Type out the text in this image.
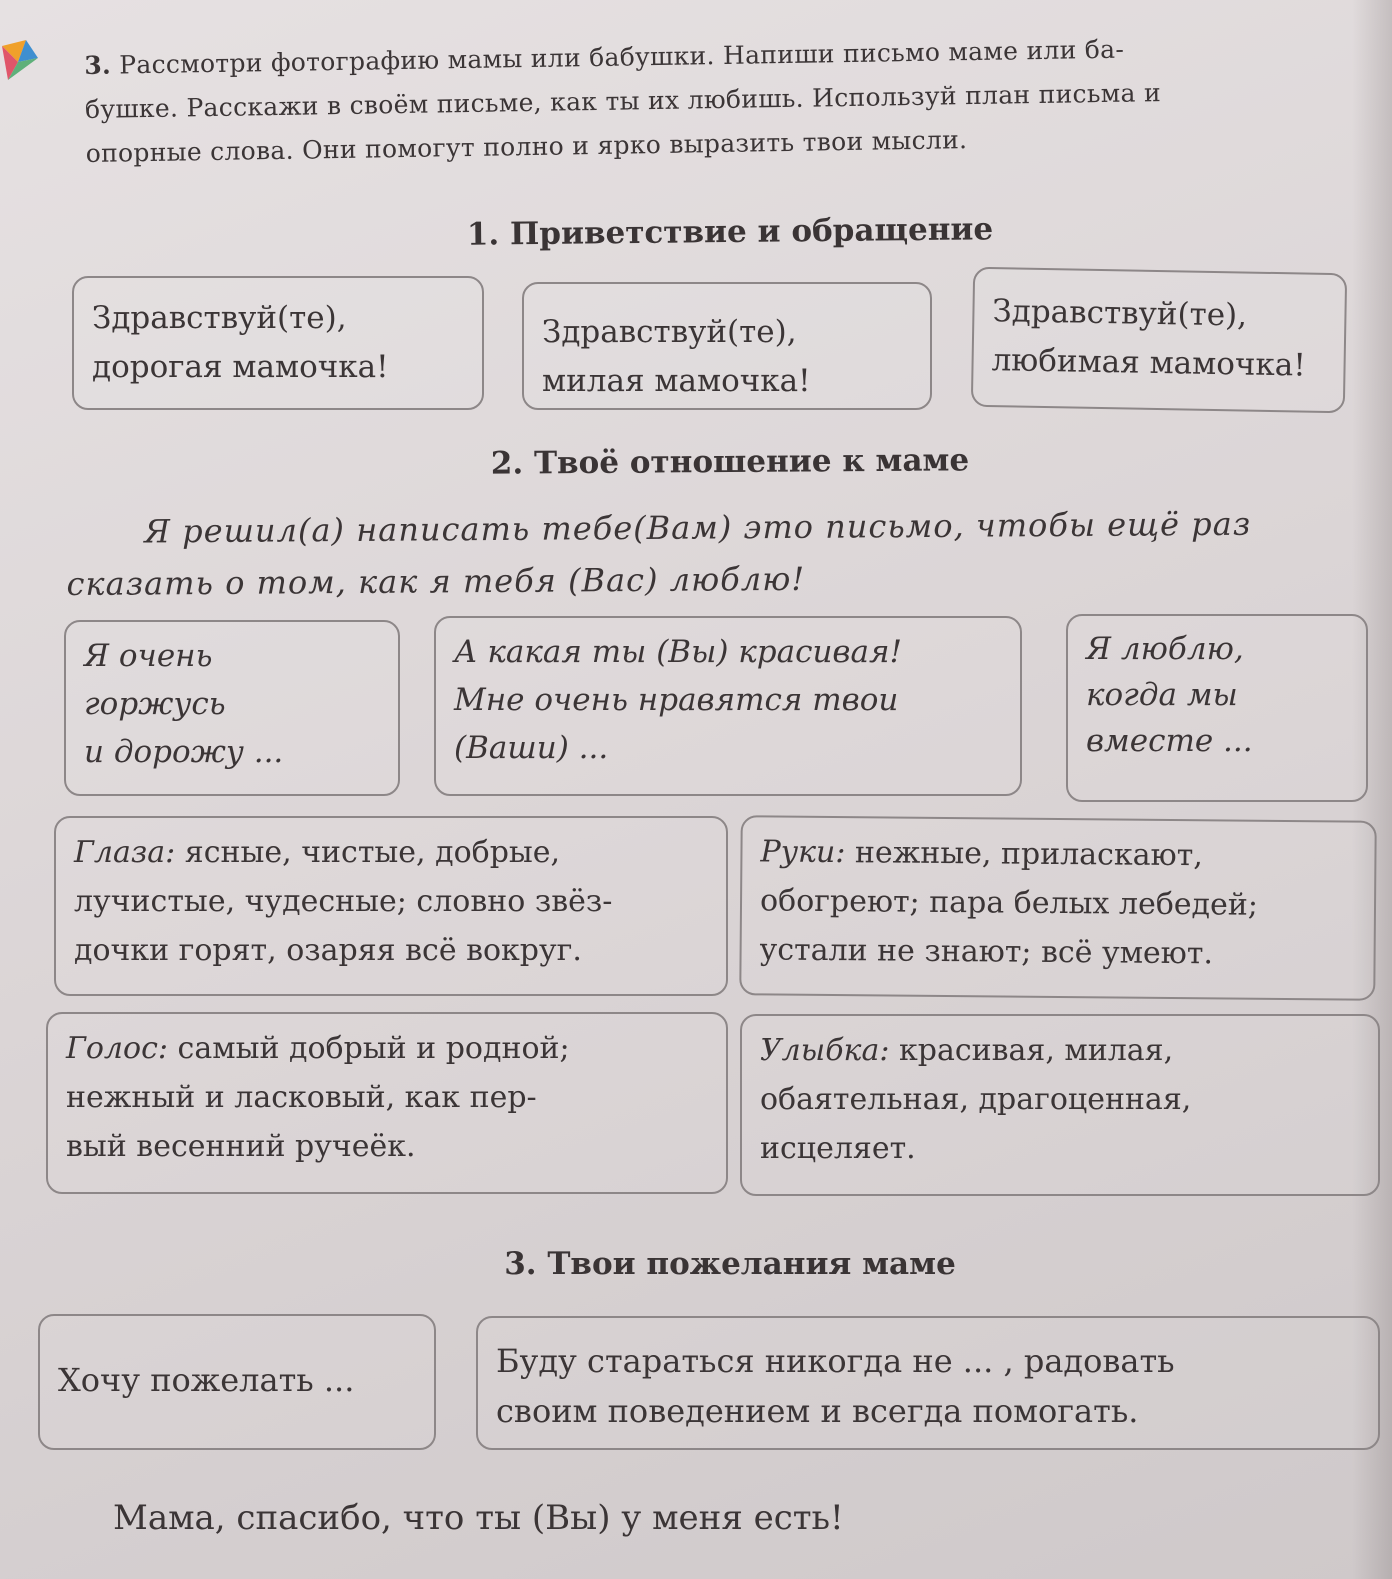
3. Рассмотри фотографию мамы или бабушки. Напиши письмо маме или ба-
бушке. Расскажи в своём письме, как ты их любишь. Используй план письма и
опорные слова. Они помогут полно и ярко выразить твои мысли.
1. Приветствие и обращение
Здравствуй(те),
дорогая мамочка!
Здравствуй(те),
милая мамочка!
Здравствуй(те),
любимая мамочка!
2. Твоё отношение к маме
Я решил(а) написать тебе(Вам) это письмо, чтобы ещё раз
сказать о том, как я тебя (Вас) люблю!
Я очень
горжусь
и дорожу ...
А какая ты (Вы) красивая!
Мне очень нравятся твои
(Ваши) ...
Я люблю,
когда мы
вместе ...
Глаза: ясные, чистые, добрые,
лучистые, чудесные; словно звёз-
дочки горят, озаряя всё вокруг.
Руки: нежные, приласкают,
обогреют; пара белых лебедей;
устали не знают; всё умеют.
Голос: самый добрый и родной;
нежный и ласковый, как пер-
вый весенний ручеёк.
Улыбка: красивая, милая,
обаятельная, драгоценная,
исцеляет.
3. Твои пожелания маме
Хочу пожелать ...	Буду стараться никогда не ... , радовать
своим поведением и всегда помогать.
Мама, спасибо, что ты (Вы) у меня есть!
